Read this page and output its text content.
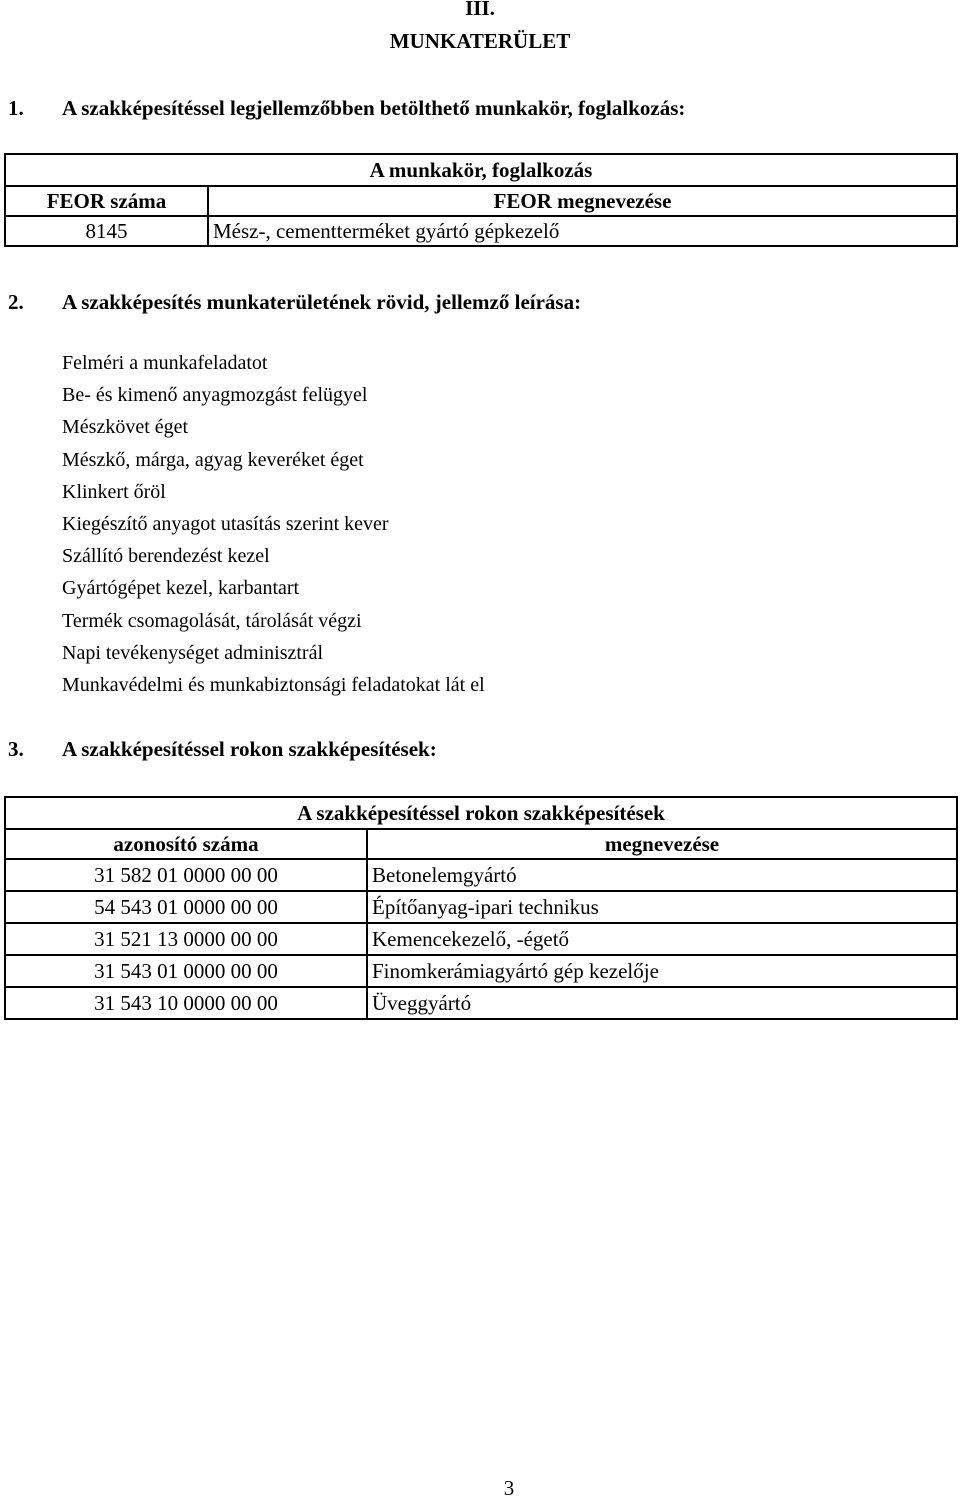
III.
MUNKATERÜLET
1. A szakképesítéssel legjellemzőbben betölthető munkakör, foglalkozás:
A munkakör, foglalkozás	
FEOR száma	FEOR megnevezése
8145	Mész-, cementterméket gyártó gépkezelő
2. A szakképesítés munkaterületének rövid, jellemző leírása:
Felméri a munkafeladatot
Be- és kimenő anyagmozgást felügyel
Mészkövet éget
Mészkő, márga, agyag keveréket éget
Klinkert őröl
Kiegészítő anyagot utasítás szerint kever
Szállító berendezést kezel
Gyártógépet kezel, karbantart
Termék csomagolását, tárolását végzi
Napi tevékenységet adminisztrál
Munkavédelmi és munkabiztonsági feladatokat lát el
3. A szakképesítéssel rokon szakképesítések:
A szakképesítéssel rokon szakképesítések	
azonosító száma	megnevezése
31 582 01 0000 00 00	Betonelemgyártó
54 543 01 0000 00 00	Építőanyag-ipari technikus
31 521 13 0000 00 00	Kemencekezelő, -égető
31 543 01 0000 00 00	Finomkerámiagyártó gép kezelője
31 543 10 0000 00 00	Üveggyártó
3
